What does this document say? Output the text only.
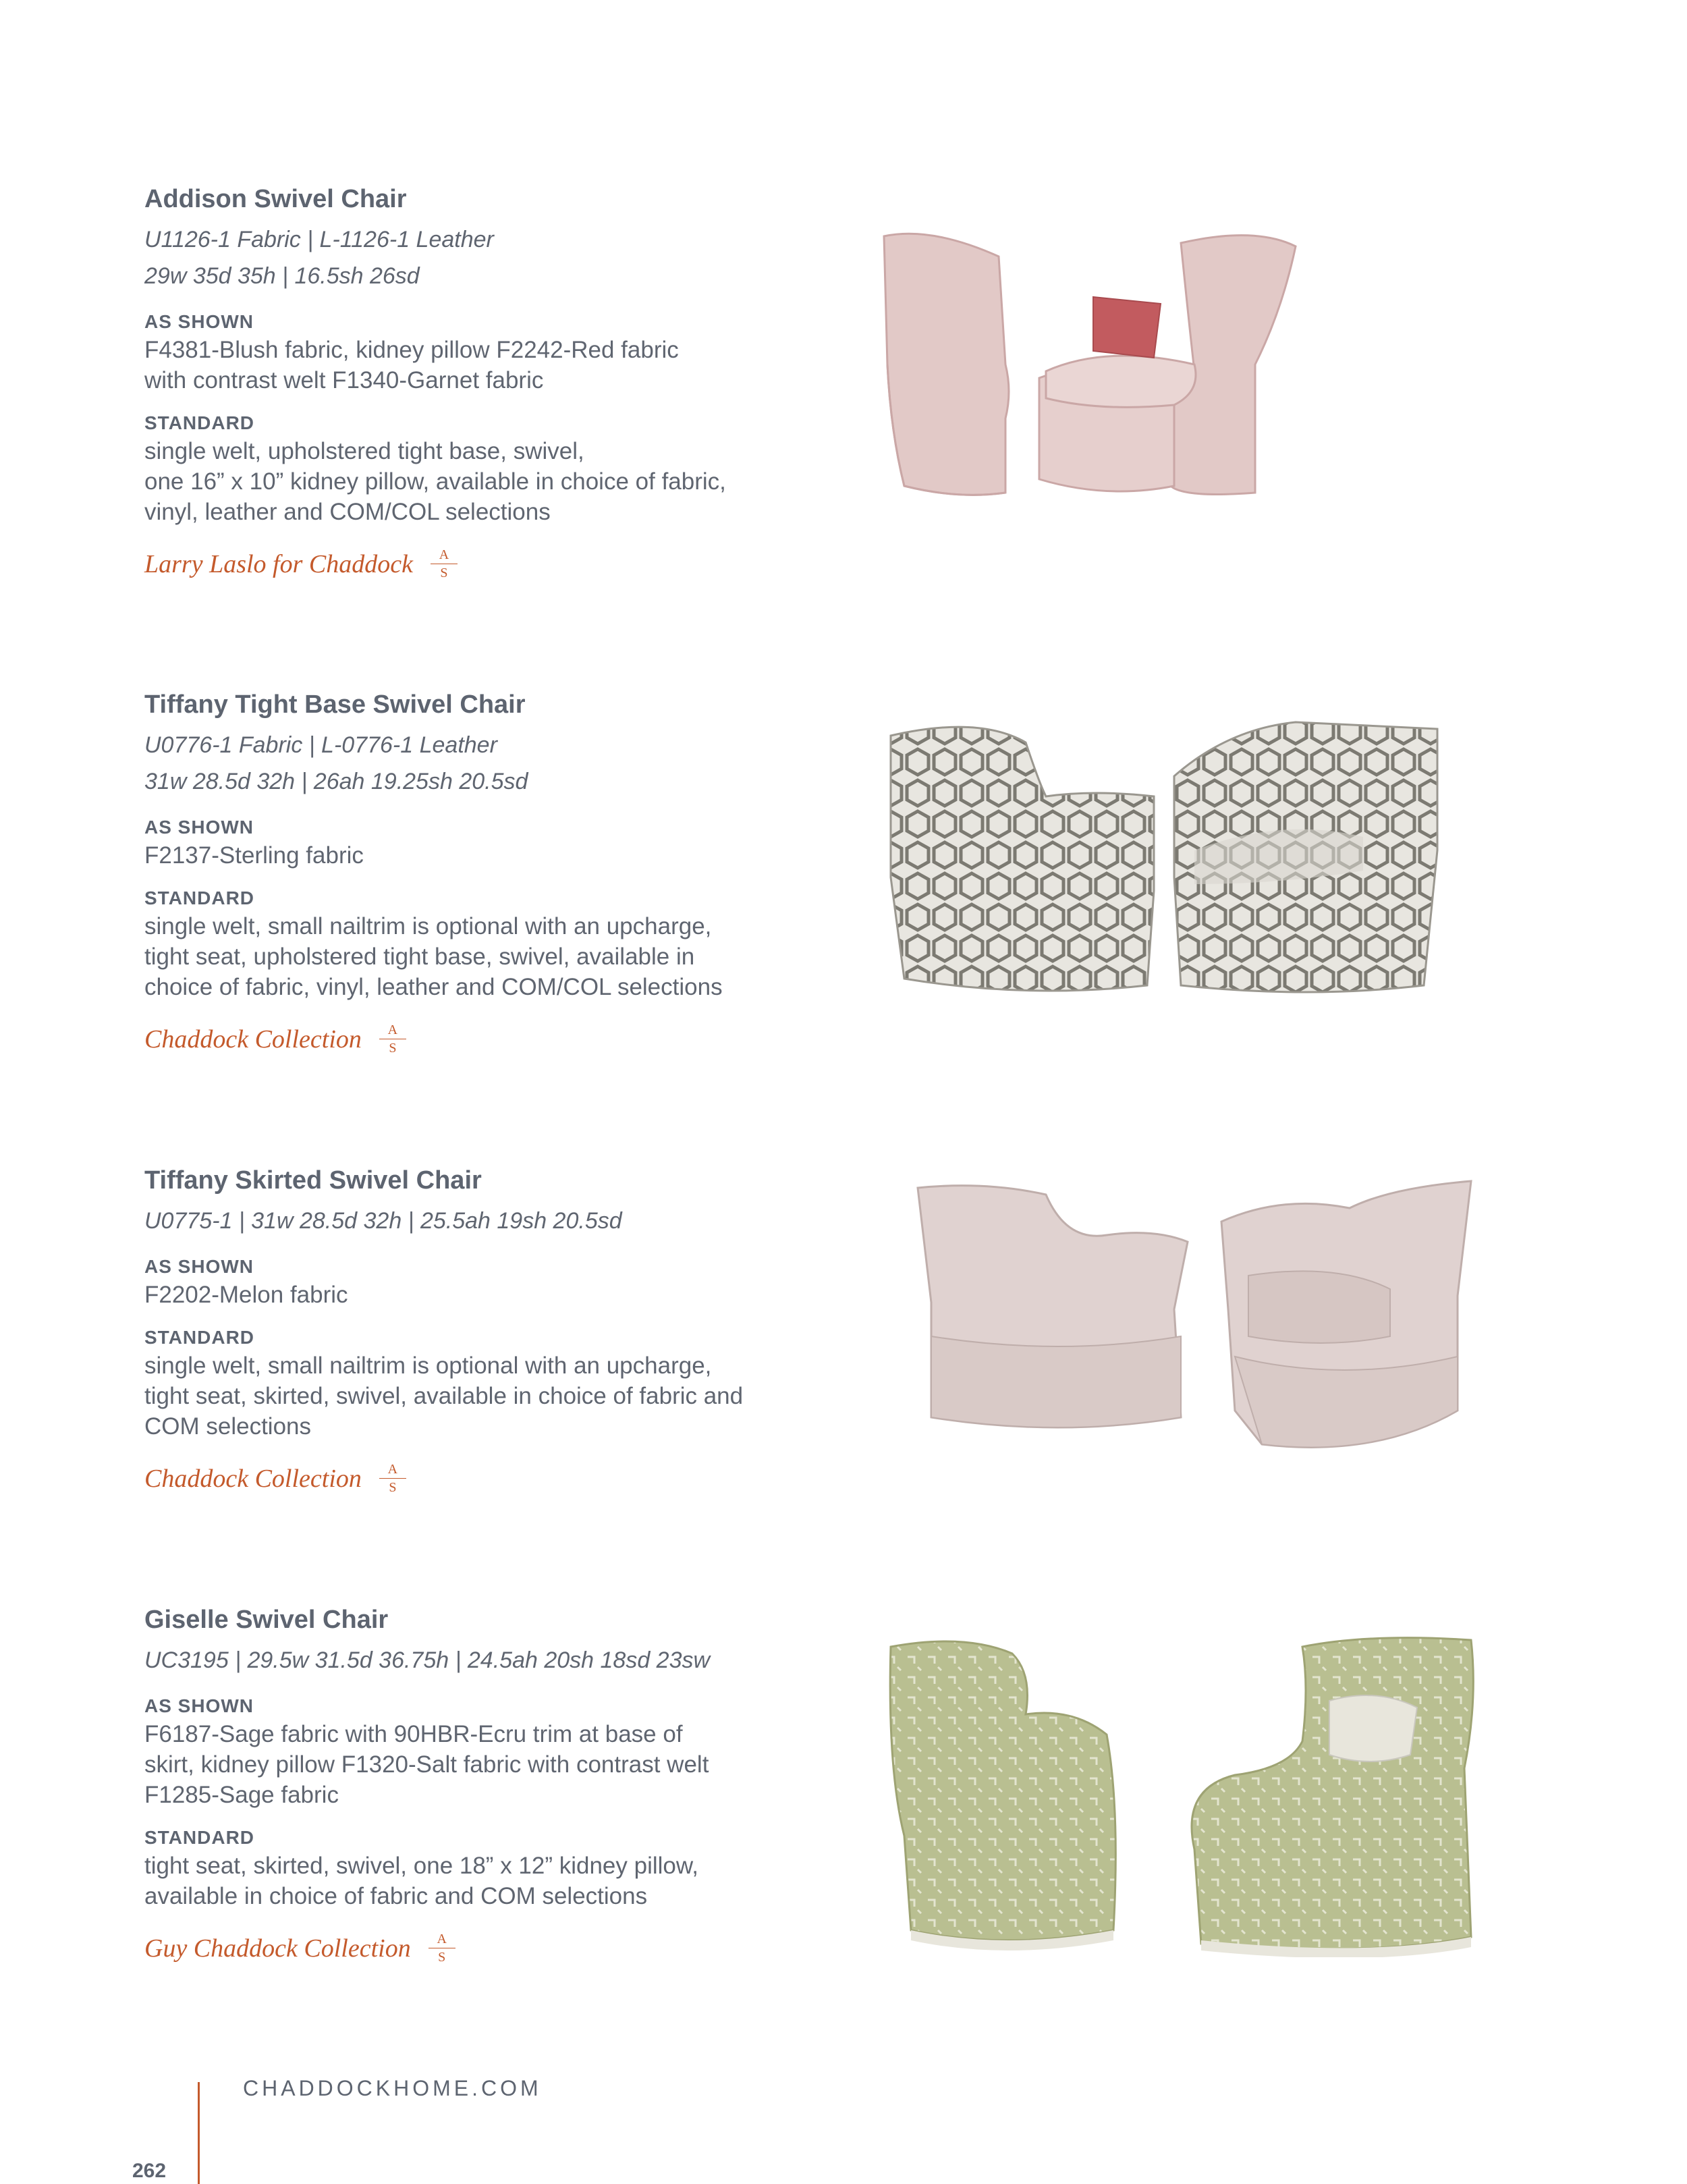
Addison Swivel Chair
U1126-1 Fabric | L-1126-1 Leather
29w 35d 35h | 16.5sh 26sd
AS SHOWN
F4381-Blush fabric, kidney pillow F2242-Red fabric
with contrast welt F1340-Garnet fabric
STANDARD
single welt, upholstered tight base, swivel,
one 16” x 10” kidney pillow, available in choice of fabric,
vinyl, leather and COM/COL selections
Larry Laslo for Chaddock A
S
Tiffany Tight Base Swivel Chair
U0776-1 Fabric | L-0776-1 Leather
31w 28.5d 32h | 26ah 19.25sh 20.5sd
AS SHOWN
F2137-Sterling fabric
STANDARD
single welt, small nailtrim is optional with an upcharge,
tight seat, upholstered tight base, swivel, available in
choice of fabric, vinyl, leather and COM/COL selections
Chaddock Collection A
S
Tiffany Skirted Swivel Chair
U0775-1 | 31w 28.5d 32h | 25.5ah 19sh 20.5sd
AS SHOWN
F2202-Melon fabric
STANDARD
single welt, small nailtrim is optional with an upcharge,
tight seat, skirted, swivel, available in choice of fabric and
COM selections
Chaddock Collection A
S
Giselle Swivel Chair
UC3195 | 29.5w 31.5d 36.75h | 24.5ah 20sh 18sd 23sw
AS SHOWN
F6187-Sage fabric with 90HBR-Ecru trim at base of
skirt, kidney pillow F1320-Salt fabric with contrast welt
F1285-Sage fabric
STANDARD
tight seat, skirted, swivel, one 18” x 12” kidney pillow,
available in choice of fabric and COM selections
Guy Chaddock Collection A
S
CHADDOCKHOME.COM
262
